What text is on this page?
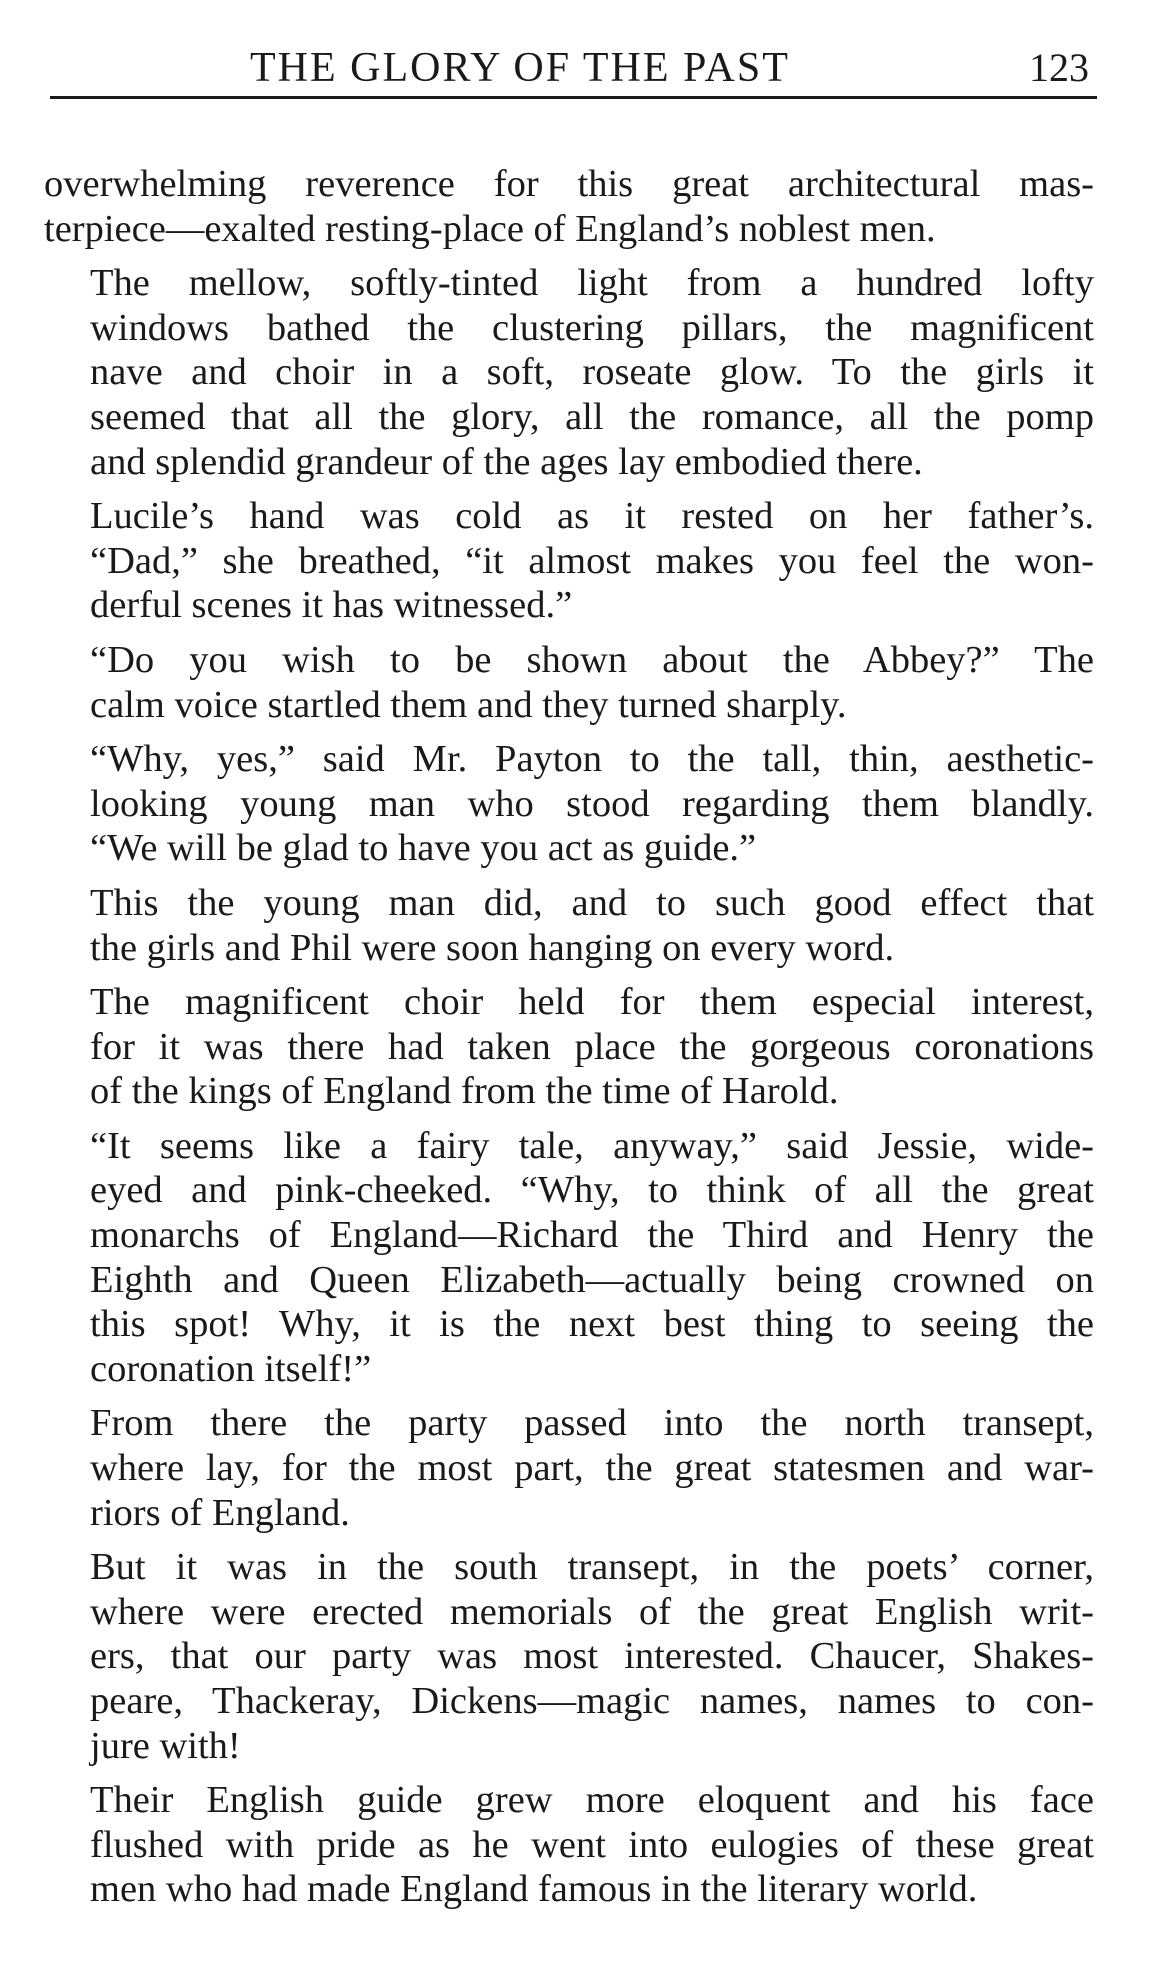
THE GLORY OF THE PAST	123

overwhelming reverence for this great architectural mas-
terpiece—exalted resting-place of England’s noblest men.

The mellow, softly-tinted light from a hundred lofty
windows bathed the clustering pillars, the magnificent
nave and choir in a soft, roseate glow. To the girls it
seemed that all the glory, all the romance, all the pomp
and splendid grandeur of the ages lay embodied there.

Lucile’s hand was cold as it rested on her father’s.
“Dad,” she breathed, “it almost makes you feel the won-
derful scenes it has witnessed.”

“Do you wish to be shown about the Abbey?” The
calm voice startled them and they turned sharply.

“Why, yes,” said Mr. Payton to the tall, thin, aesthetic-
looking young man who stood regarding them blandly.
“We will be glad to have you act as guide.”

This the young man did, and to such good effect that
the girls and Phil were soon hanging on every word.

The magnificent choir held for them especial interest,
for it was there had taken place the gorgeous coronations
of the kings of England from the time of Harold.

“It seems like a fairy tale, anyway,” said Jessie, wide-
eyed and pink-cheeked. “Why, to think of all the great
monarchs of England—Richard the Third and Henry the
Eighth and Queen Elizabeth—actually being crowned on
this spot! Why, it is the next best thing to seeing the
coronation itself!”

From there the party passed into the north transept,
where lay, for the most part, the great statesmen and war-
riors of England.

But it was in the south transept, in the poets’ corner,
where were erected memorials of the great English writ-
ers, that our party was most interested. Chaucer, Shakes-
peare, Thackeray, Dickens—magic names, names to con-
jure with!

Their English guide grew more eloquent and his face
flushed with pride as he went into eulogies of these great
men who had made England famous in the literary world.
